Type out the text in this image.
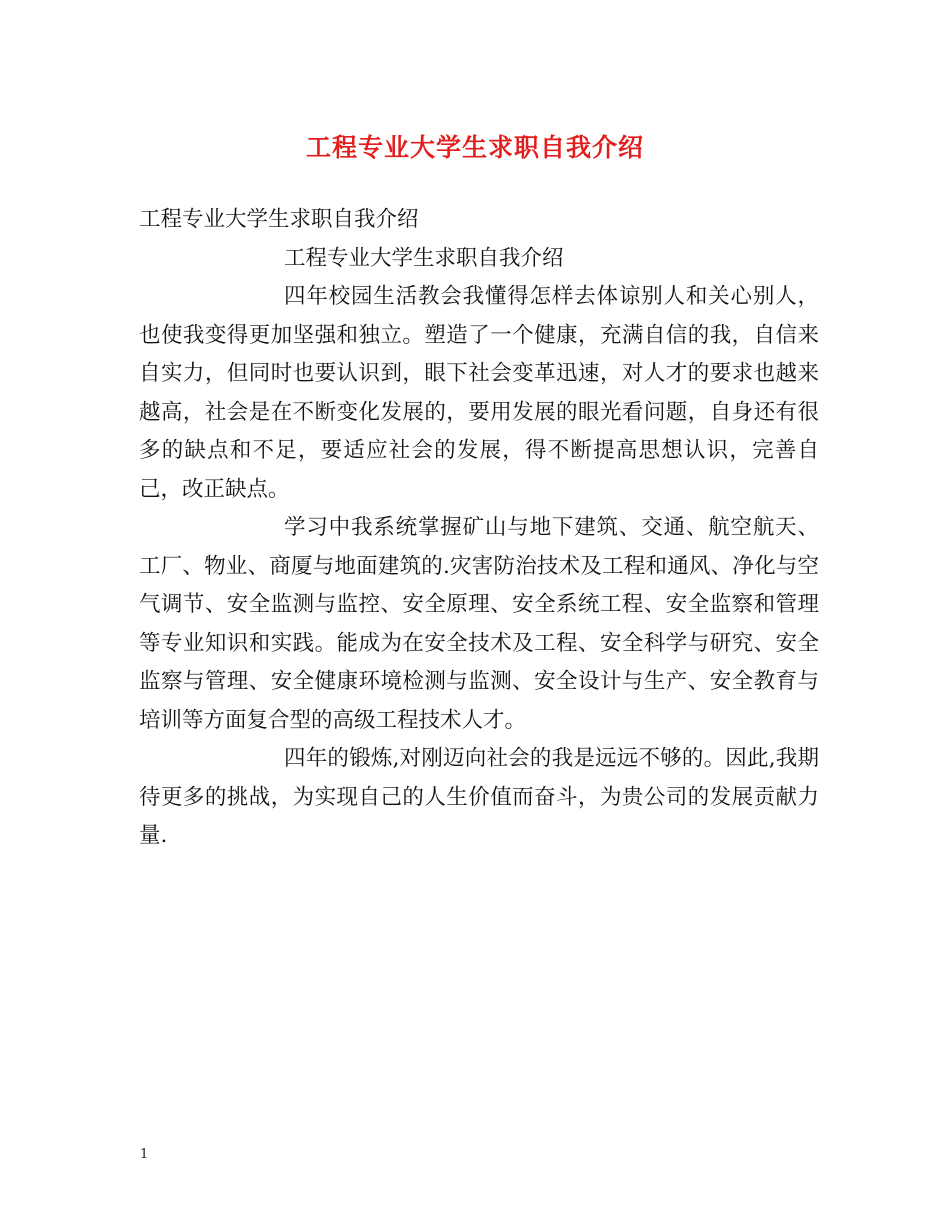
工程专业大学生求职自我介绍

工程专业大学生求职自我介绍

工程专业大学生求职自我介绍

四年校园生活教会我懂得怎样去体谅别人和关心别人，也使我变得更加坚强和独立。塑造了一个健康，充满自信的我，自信来自实力，但同时也要认识到，眼下社会变革迅速，对人才的要求也越来越高，社会是在不断变化发展的，要用发展的眼光看问题，自身还有很多的缺点和不足，要适应社会的发展，得不断提高思想认识，完善自己，改正缺点。

学习中我系统掌握矿山与地下建筑、交通、航空航天、工厂、物业、商厦与地面建筑的.灾害防治技术及工程和通风、净化与空气调节、安全监测与监控、安全原理、安全系统工程、安全监察和管理等专业知识和实践。能成为在安全技术及工程、安全科学与研究、安全监察与管理、安全健康环境检测与监测、安全设计与生产、安全教育与培训等方面复合型的高级工程技术人才。

四年的锻炼,对刚迈向社会的我是远远不够的。因此,我期待更多的挑战，为实现自己的人生价值而奋斗，为贵公司的发展贡献力量.

1
